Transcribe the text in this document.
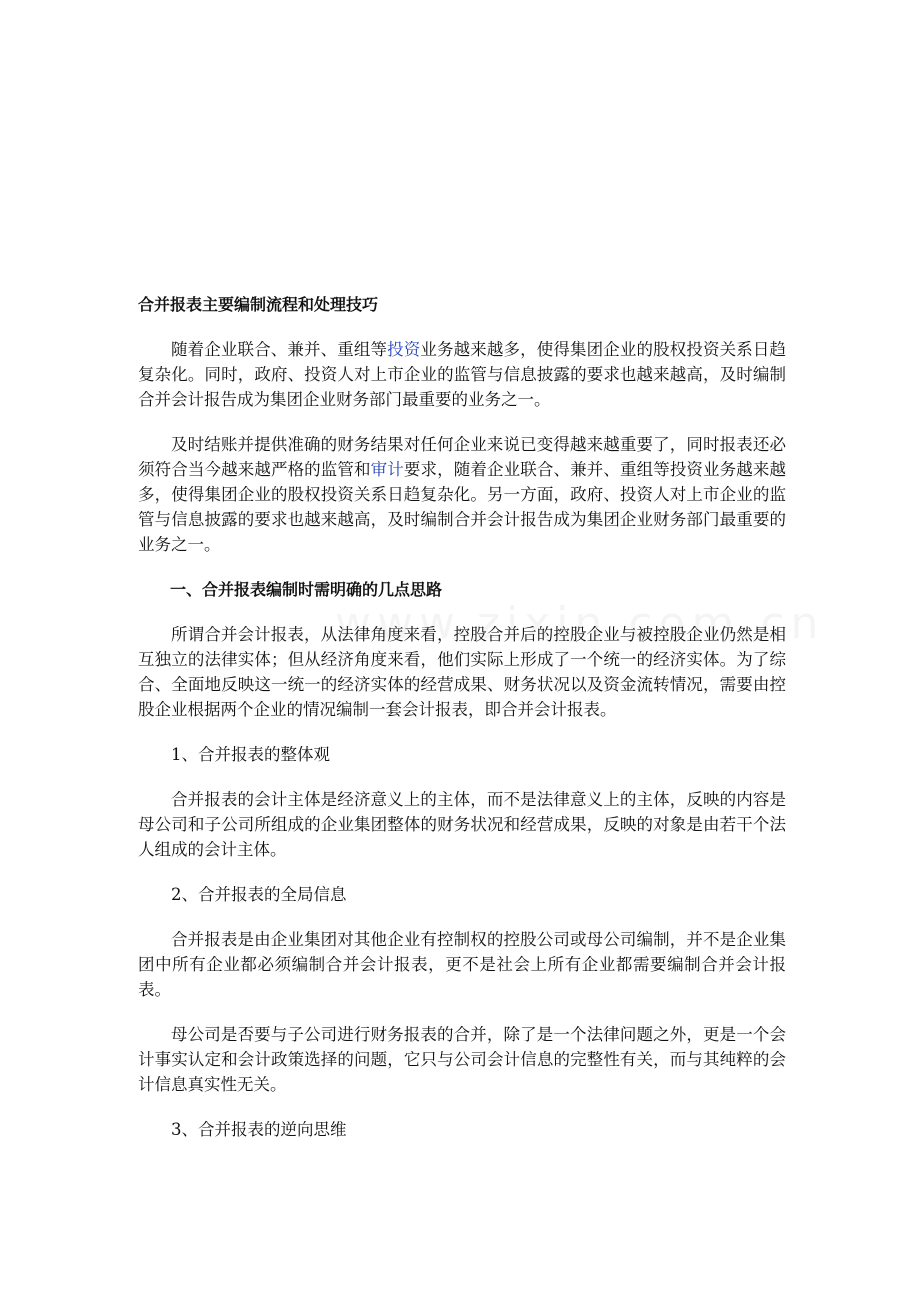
合并报表主要编制流程和处理技巧

随着企业联合、兼并、重组等投资业务越来越多，使得集团企业的股权投资关系日趋复杂化。同时，政府、投资人对上市企业的监管与信息披露的要求也越来越高，及时编制合并会计报告成为集团企业财务部门最重要的业务之一。

及时结账并提供准确的财务结果对任何企业来说已变得越来越重要了，同时报表还必须符合当今越来越严格的监管和审计要求，随着企业联合、兼并、重组等投资业务越来越多，使得集团企业的股权投资关系日趋复杂化。另一方面，政府、投资人对上市企业的监管与信息披露的要求也越来越高，及时编制合并会计报告成为集团企业财务部门最重要的业务之一。

一、合并报表编制时需明确的几点思路

所谓合并会计报表，从法律角度来看，控股合并后的控股企业与被控股企业仍然是相互独立的法律实体；但从经济角度来看，他们实际上形成了一个统一的经济实体。为了综合、全面地反映这一统一的经济实体的经营成果、财务状况以及资金流转情况，需要由控股企业根据两个企业的情况编制一套会计报表，即合并会计报表。

1、合并报表的整体观

合并报表的会计主体是经济意义上的主体，而不是法律意义上的主体，反映的内容是母公司和子公司所组成的企业集团整体的财务状况和经营成果，反映的对象是由若干个法人组成的会计主体。

2、合并报表的全局信息

合并报表是由企业集团对其他企业有控制权的控股公司或母公司编制，并不是企业集团中所有企业都必须编制合并会计报表，更不是社会上所有企业都需要编制合并会计报表。

母公司是否要与子公司进行财务报表的合并，除了是一个法律问题之外，更是一个会计事实认定和会计政策选择的问题，它只与公司会计信息的完整性有关，而与其纯粹的会计信息真实性无关。

3、合并报表的逆向思维
